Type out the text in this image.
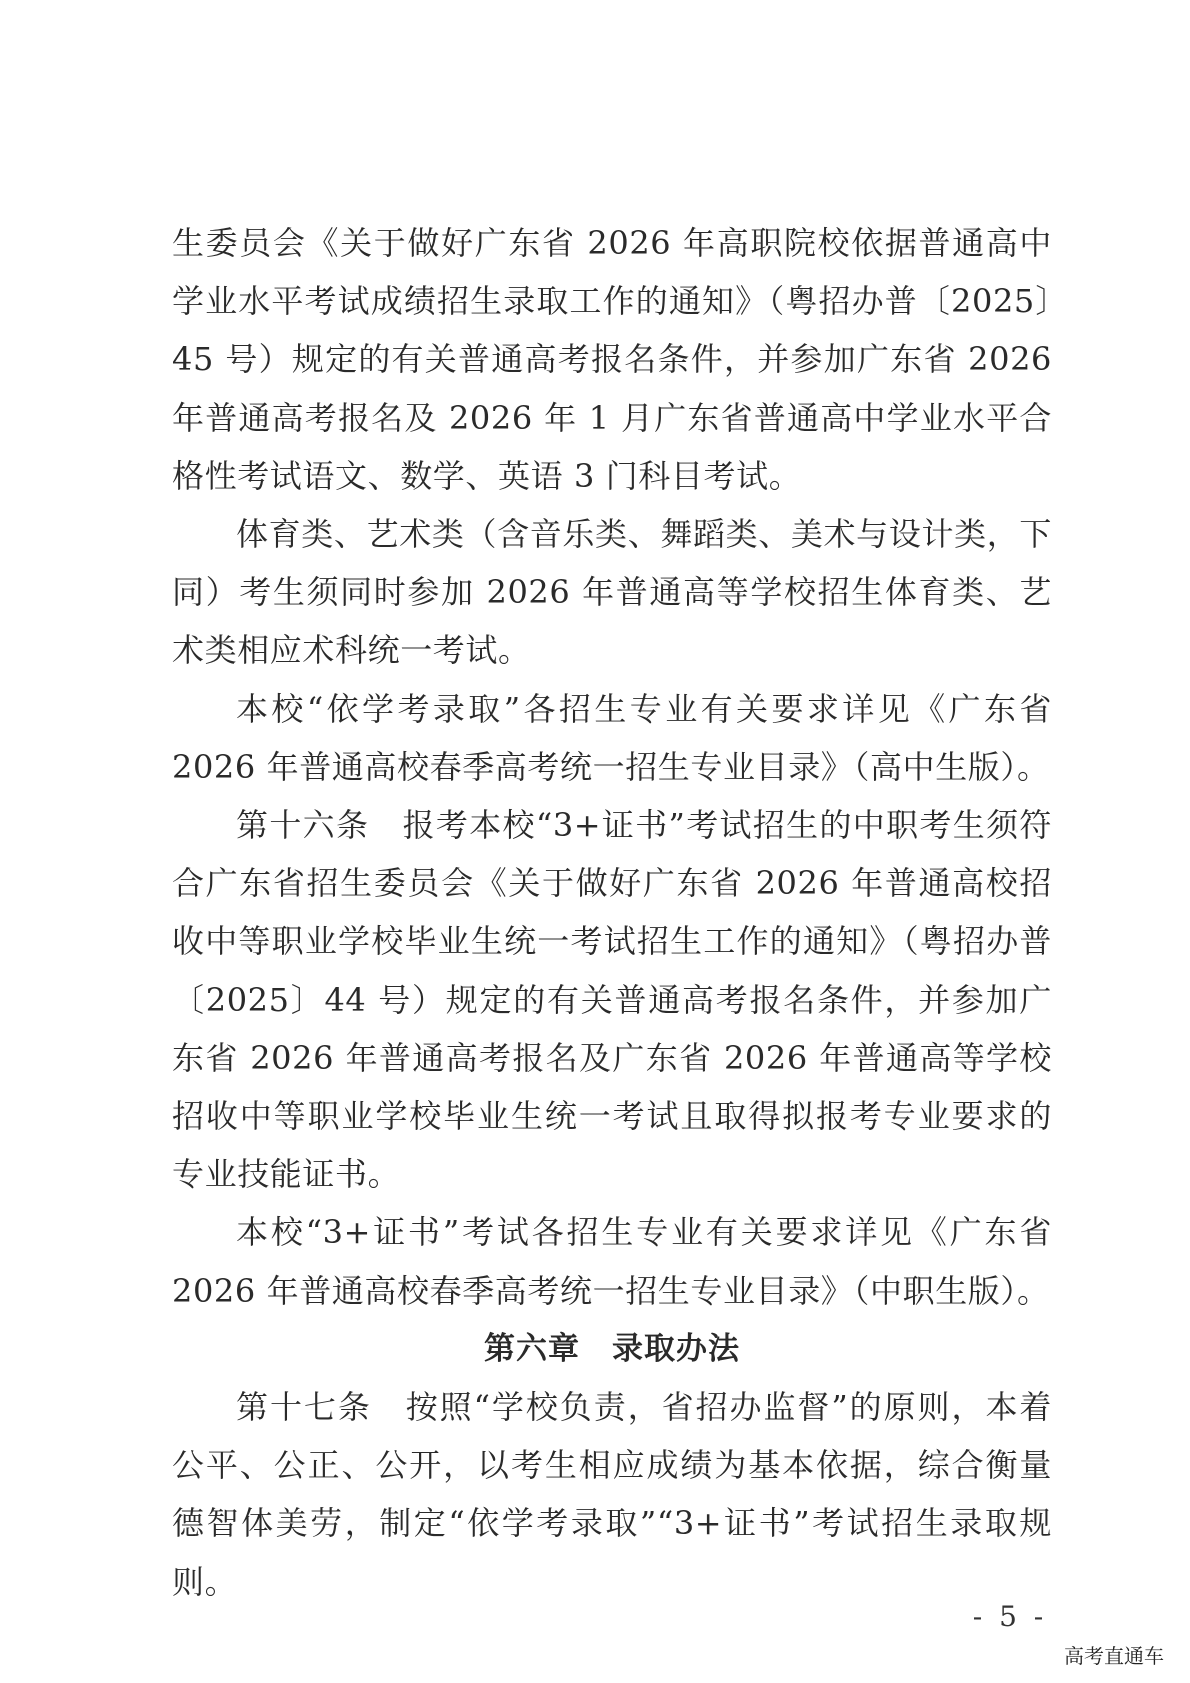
生委员会《关于做好广东省 2026 年高职院校依据普通高中学业水平考试成绩招生录取工作的通知》（粤招办普〔2025〕45 号）规定的有关普通高考报名条件，并参加广东省 2026 年普通高考报名及 2026 年 1 月广东省普通高中学业水平合格性考试语文、数学、英语 3 门科目考试。

体育类、艺术类（含音乐类、舞蹈类、美术与设计类，下同）考生须同时参加 2026 年普通高等学校招生体育类、艺术类相应术科统一考试。

本校“依学考录取”各招生专业有关要求详见《广东省 2026 年普通高校春季高考统一招生专业目录》（高中生版）。

第十六条　报考本校“3+证书”考试招生的中职考生须符合广东省招生委员会《关于做好广东省 2026 年普通高校招收中等职业学校毕业生统一考试招生工作的通知》（粤招办普〔2025〕44 号）规定的有关普通高考报名条件，并参加广东省 2026 年普通高考报名及广东省 2026 年普通高等学校招收中等职业学校毕业生统一考试且取得拟报考专业要求的专业技能证书。

本校“3+证书”考试各招生专业有关要求详见《广东省 2026 年普通高校春季高考统一招生专业目录》（中职生版）。

第六章　录取办法

第十七条　按照“学校负责，省招办监督”的原则，本着公平、公正、公开，以考生相应成绩为基本依据，综合衡量德智体美劳，制定“依学考录取”“3+证书”考试招生录取规则。

- 5 -
高考直通车
